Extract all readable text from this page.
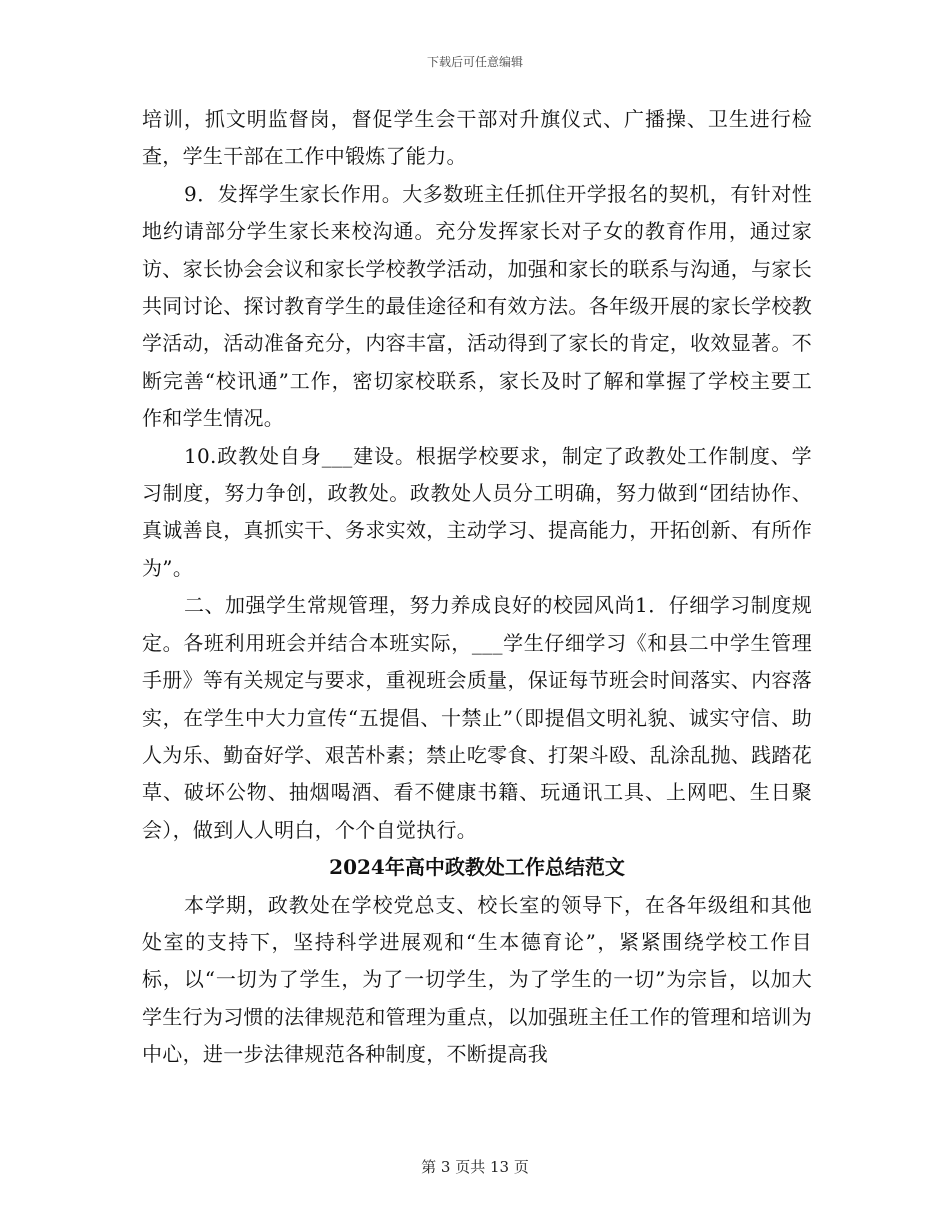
下载后可任意编辑

培训，抓文明监督岗，督促学生会干部对升旗仪式、广播操、卫生进行检查，学生干部在工作中锻炼了能力。

9．发挥学生家长作用。大多数班主任抓住开学报名的契机，有针对性地约请部分学生家长来校沟通。充分发挥家长对子女的教育作用，通过家访、家长协会会议和家长学校教学活动，加强和家长的联系与沟通，与家长共同讨论、探讨教育学生的最佳途径和有效方法。各年级开展的家长学校教学活动，活动准备充分，内容丰富，活动得到了家长的肯定，收效显著。不断完善“校讯通”工作，密切家校联系，家长及时了解和掌握了学校主要工作和学生情况。

10.政教处自身___建设。根据学校要求，制定了政教处工作制度、学习制度，努力争创，政教处。政教处人员分工明确，努力做到“团结协作、真诚善良，真抓实干、务求实效，主动学习、提高能力，开拓创新、有所作为”。

二、加强学生常规管理，努力养成良好的校园风尚1．仔细学习制度规定。各班利用班会并结合本班实际，___学生仔细学习《和县二中学生管理手册》等有关规定与要求，重视班会质量，保证每节班会时间落实、内容落实，在学生中大力宣传“五提倡、十禁止”（即提倡文明礼貌、诚实守信、助人为乐、勤奋好学、艰苦朴素；禁止吃零食、打架斗殴、乱涂乱抛、践踏花草、破坏公物、抽烟喝酒、看不健康书籍、玩通讯工具、上网吧、生日聚会），做到人人明白，个个自觉执行。

2024年高中政教处工作总结范文

本学期，政教处在学校党总支、校长室的领导下，在各年级组和其他处室的支持下，坚持科学进展观和“生本德育论”，紧紧围绕学校工作目标，以“一切为了学生，为了一切学生，为了学生的一切”为宗旨，以加大学生行为习惯的法律规范和管理为重点，以加强班主任工作的管理和培训为中心，进一步法律规范各种制度，不断提高我

第 3 页共 13 页
